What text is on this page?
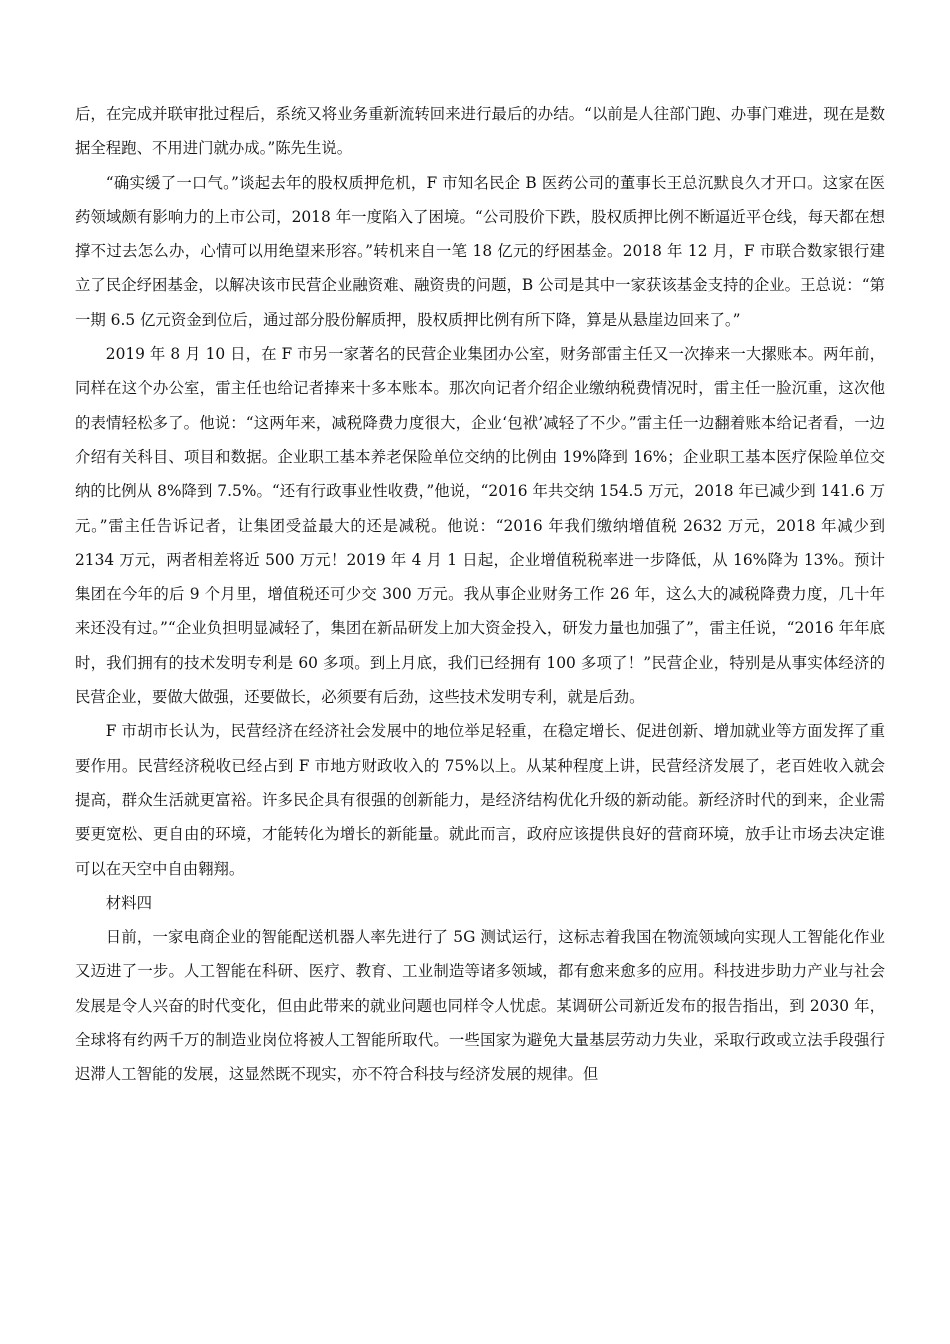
后，在完成并联审批过程后，系统又将业务重新流转回来进行最后的办结。“以前是人往部门跑、办事门难进，现在是数据全程跑、不用进门就办成。”陈先生说。

“确实缓了一口气。”谈起去年的股权质押危机，F 市知名民企 B 医药公司的董事长王总沉默良久才开口。这家在医药领域颇有影响力的上市公司，2018 年一度陷入了困境。“公司股价下跌，股权质押比例不断逼近平仓线，每天都在想撑不过去怎么办，心情可以用绝望来形容。”转机来自一笔 18 亿元的纾困基金。2018 年 12 月，F 市联合数家银行建立了民企纾困基金，以解决该市民营企业融资难、融资贵的问题，B 公司是其中一家获该基金支持的企业。王总说：“第一期 6.5 亿元资金到位后，通过部分股份解质押，股权质押比例有所下降，算是从悬崖边回来了。”

2019 年 8 月 10 日，在 F 市另一家著名的民营企业集团办公室，财务部雷主任又一次捧来一大摞账本。两年前，同样在这个办公室，雷主任也给记者捧来十多本账本。那次向记者介绍企业缴纳税费情况时，雷主任一脸沉重，这次他的表情轻松多了。他说：“这两年来，减税降费力度很大，企业‘包袱’减轻了不少。”雷主任一边翻着账本给记者看，一边介绍有关科目、项目和数据。企业职工基本养老保险单位交纳的比例由 19%降到 16%；企业职工基本医疗保险单位交纳的比例从 8%降到 7.5%。“还有行政事业性收费，”他说，“2016 年共交纳 154.5 万元，2018 年已减少到 141.6 万元。”雷主任告诉记者，让集团受益最大的还是减税。他说：“2016 年我们缴纳增值税 2632 万元，2018 年减少到 2134 万元，两者相差将近 500 万元！2019 年 4 月 1 日起，企业增值税税率进一步降低，从 16%降为 13%。预计集团在今年的后 9 个月里，增值税还可少交 300 万元。我从事企业财务工作 26 年，这么大的减税降费力度，几十年来还没有过。”“企业负担明显减轻了，集团在新品研发上加大资金投入，研发力量也加强了”，雷主任说，“2016 年年底时，我们拥有的技术发明专利是 60 多项。到上月底，我们已经拥有 100 多项了！”民营企业，特别是从事实体经济的民营企业，要做大做强，还要做长，必须要有后劲，这些技术发明专利，就是后劲。

F 市胡市长认为，民营经济在经济社会发展中的地位举足轻重，在稳定增长、促进创新、增加就业等方面发挥了重要作用。民营经济税收已经占到 F 市地方财政收入的 75%以上。从某种程度上讲，民营经济发展了，老百姓收入就会提高，群众生活就更富裕。许多民企具有很强的创新能力，是经济结构优化升级的新动能。新经济时代的到来，企业需要更宽松、更自由的环境，才能转化为增长的新能量。就此而言，政府应该提供良好的营商环境，放手让市场去决定谁可以在天空中自由翱翔。

材料四

日前，一家电商企业的智能配送机器人率先进行了 5G 测试运行，这标志着我国在物流领域向实现人工智能化作业又迈进了一步。人工智能在科研、医疗、教育、工业制造等诸多领域，都有愈来愈多的应用。科技进步助力产业与社会发展是令人兴奋的时代变化，但由此带来的就业问题也同样令人忧虑。某调研公司新近发布的报告指出，到 2030 年，全球将有约两千万的制造业岗位将被人工智能所取代。一些国家为避免大量基层劳动力失业，采取行政或立法手段强行迟滞人工智能的发展，这显然既不现实，亦不符合科技与经济发展的规律。但
